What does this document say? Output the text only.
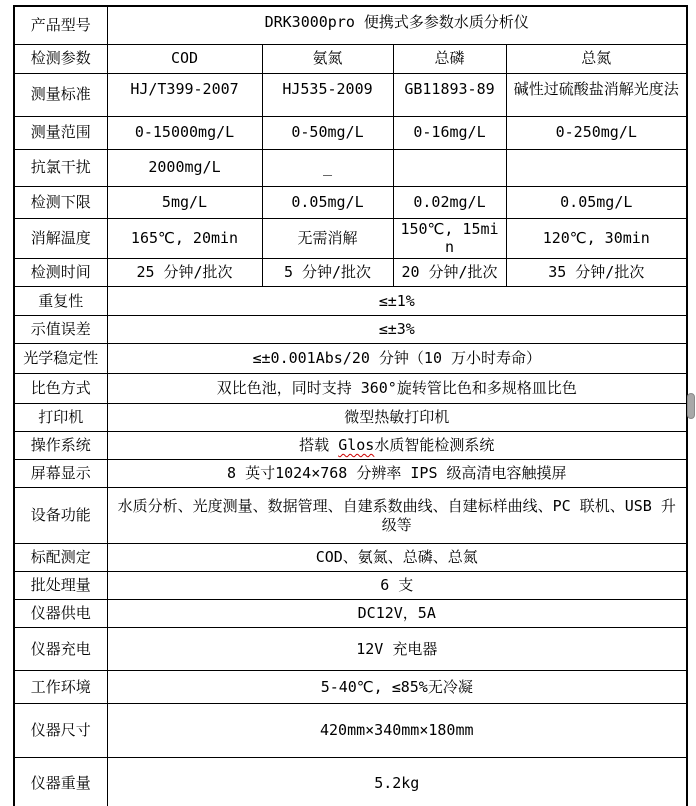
产品型号	DRK3000pro 便携式多参数水质分析仪			
检测参数	COD	氨氮	总磷	总氮
测量标准	HJ/T399-2007	HJ535-2009	GB11893-89	碱性过硫酸盐消解光度法
测量范围	0-15000mg/L	0-50mg/L	0-16mg/L	0-250mg/L
抗氯干扰	2000mg/L	_		
检测下限	5mg/L	0.05mg/L	0.02mg/L	0.05mg/L
消解温度	165℃, 20min	无需消解	150℃, 15min	120℃, 30min
检测时间	25 分钟/批次	5 分钟/批次	20 分钟/批次	35 分钟/批次
重复性	≤±1%			
示值误差	≤±3%			
光学稳定性	≤±0.001Abs/20 分钟（10 万小时寿命）			
比色方式	双比色池，同时支持 360°旋转管比色和多规格皿比色			
打印机	微型热敏打印机			
操作系统	搭载 Glos水质智能检测系统			
屏幕显示	8 英寸1024×768 分辨率 IPS 级高清电容触摸屏			
设备功能	水质分析、光度测量、数据管理、自建系数曲线、自建标样曲线、PC 联机、USB 升级等			
标配测定	COD、氨氮、总磷、总氮			
批处理量	6 支			
仪器供电	DC12V，5A			
仪器充电	12V 充电器			
工作环境	5-40℃, ≤85%无冷凝			
仪器尺寸	420mm×340mm×180mm			
仪器重量	5.2kg			
